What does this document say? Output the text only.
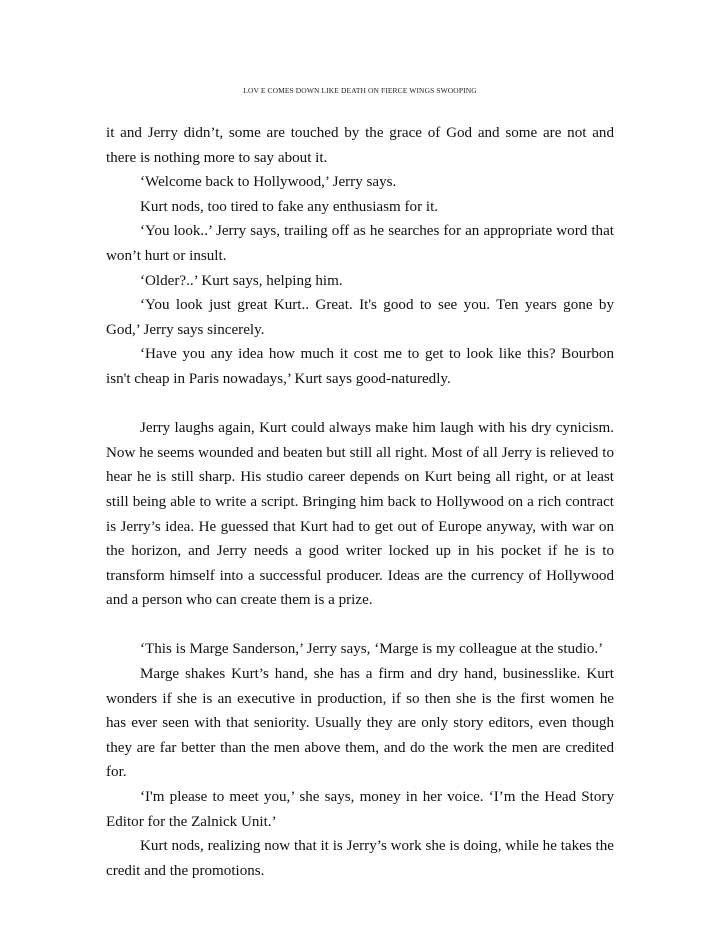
LOV E COMES DOWN LIKE DEATH ON FIERCE WINGS SWOOPING

it and Jerry didn’t, some are touched by the grace of God and some are not and there is nothing more to say about it.

‘Welcome back to Hollywood,’ Jerry says.

Kurt nods, too tired to fake any enthusiasm for it.

‘You look..’ Jerry says, trailing off as he searches for an appropriate word that won’t hurt or insult.

‘Older?..’ Kurt says, helping him.

‘You look just great Kurt.. Great. It's good to see you. Ten years gone by God,’ Jerry says sincerely.

‘Have you any idea how much it cost me to get to look like this? Bourbon isn't cheap in Paris nowadays,’ Kurt says good-naturedly.

Jerry laughs again, Kurt could always make him laugh with his dry cynicism. Now he seems wounded and beaten but still all right. Most of all Jerry is relieved to hear he is still sharp. His studio career depends on Kurt being all right, or at least still being able to write a script. Bringing him back to Hollywood on a rich contract is Jerry’s idea. He guessed that Kurt had to get out of Europe anyway, with war on the horizon, and Jerry needs a good writer locked up in his pocket if he is to transform himself into a successful producer. Ideas are the currency of Hollywood and a person who can create them is a prize.

‘This is Marge Sanderson,’ Jerry says, ‘Marge is my colleague at the studio.’

Marge shakes Kurt’s hand, she has a firm and dry hand, businesslike. Kurt wonders if she is an executive in production, if so then she is the first women he has ever seen with that seniority. Usually they are only story editors, even though they are far better than the men above them, and do the work the men are credited for.

‘I'm please to meet you,’ she says, money in her voice. ‘I’m the Head Story Editor for the Zalnick Unit.’

Kurt nods, realizing now that it is Jerry’s work she is doing, while he takes the credit and the promotions.
